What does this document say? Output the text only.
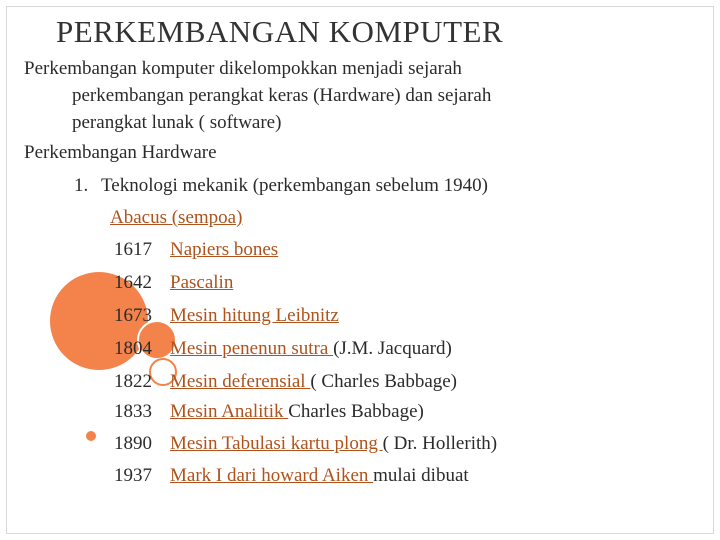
PERKEMBANGAN KOMPUTER
Perkembangan komputer dikelompokkan menjadi sejarah
perkembangan perangkat keras (Hardware) dan sejarah
perangkat lunak ( software)
Perkembangan Hardware
1. Teknologi mekanik (perkembangan sebelum 1940)
Abacus (sempoa)
1617 Napiers bones
1642 Pascalin
1673 Mesin hitung Leibnitz
1804 Mesin penenun sutra (J.M. Jacquard)
1822 Mesin deferensial ( Charles Babbage)
1833 Mesin Analitik Charles Babbage)
1890 Mesin Tabulasi kartu plong ( Dr. Hollerith)
1937 Mark I dari howard Aiken mulai dibuat
